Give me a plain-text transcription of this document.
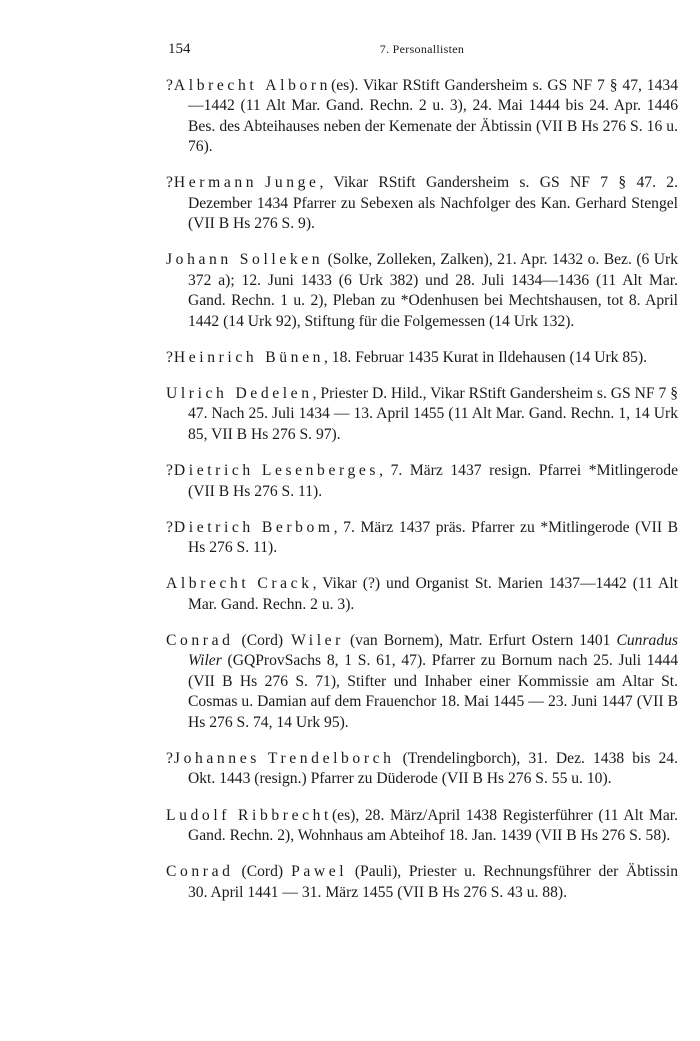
154	7. Personallisten

?Albrecht Alborn(es). Vikar RStift Gandersheim s. GS NF 7 § 47, 1434—1442 (11 Alt Mar. Gand. Rechn. 2 u. 3), 24. Mai 1444 bis 24. Apr. 1446 Bes. des Abteihauses neben der Kemenate der Äbtissin (VII B Hs 276 S. 16 u. 76).

?Hermann Junge, Vikar RStift Gandersheim s. GS NF 7 § 47. 2. Dezember 1434 Pfarrer zu Sebexen als Nachfolger des Kan. Gerhard Stengel (VII B Hs 276 S. 9).

Johann Solleken (Solke, Zolleken, Zalken), 21. Apr. 1432 o. Bez. (6 Urk 372 a); 12. Juni 1433 (6 Urk 382) und 28. Juli 1434—1436 (11 Alt Mar. Gand. Rechn. 1 u. 2), Pleban zu *Odenhusen bei Mechtshausen, tot 8. April 1442 (14 Urk 92), Stiftung für die Folgemessen (14 Urk 132).

?Heinrich Bünen, 18. Februar 1435 Kurat in Ildehausen (14 Urk 85).

Ulrich Dedelen, Priester D. Hild., Vikar RStift Gandersheim s. GS NF 7 § 47. Nach 25. Juli 1434 — 13. April 1455 (11 Alt Mar. Gand. Rechn. 1, 14 Urk 85, VII B Hs 276 S. 97).

?Dietrich Lesenberges, 7. März 1437 resign. Pfarrei *Mitlingerode (VII B Hs 276 S. 11).

?Dietrich Berbom, 7. März 1437 präs. Pfarrer zu *Mitlingerode (VII B Hs 276 S. 11).

Albrecht Crack, Vikar (?) und Organist St. Marien 1437—1442 (11 Alt Mar. Gand. Rechn. 2 u. 3).

Conrad (Cord) Wiler (van Bornem), Matr. Erfurt Ostern 1401 Cunradus Wiler (GQProvSachs 8, 1 S. 61, 47). Pfarrer zu Bornum nach 25. Juli 1444 (VII B Hs 276 S. 71), Stifter und Inhaber einer Kommissie am Altar St. Cosmas u. Damian auf dem Frauenchor 18. Mai 1445 — 23. Juni 1447 (VII B Hs 276 S. 74, 14 Urk 95).

?Johannes Trendelborch (Trendelingborch), 31. Dez. 1438 bis 24. Okt. 1443 (resign.) Pfarrer zu Düderode (VII B Hs 276 S. 55 u. 10).

Ludolf Ribbrecht(es), 28. März/April 1438 Registerführer (11 Alt Mar. Gand. Rechn. 2), Wohnhaus am Abteihof 18. Jan. 1439 (VII B Hs 276 S. 58).

Conrad (Cord) Pawel (Pauli), Priester u. Rechnungsführer der Äbtissin 30. April 1441 — 31. März 1455 (VII B Hs 276 S. 43 u. 88).
